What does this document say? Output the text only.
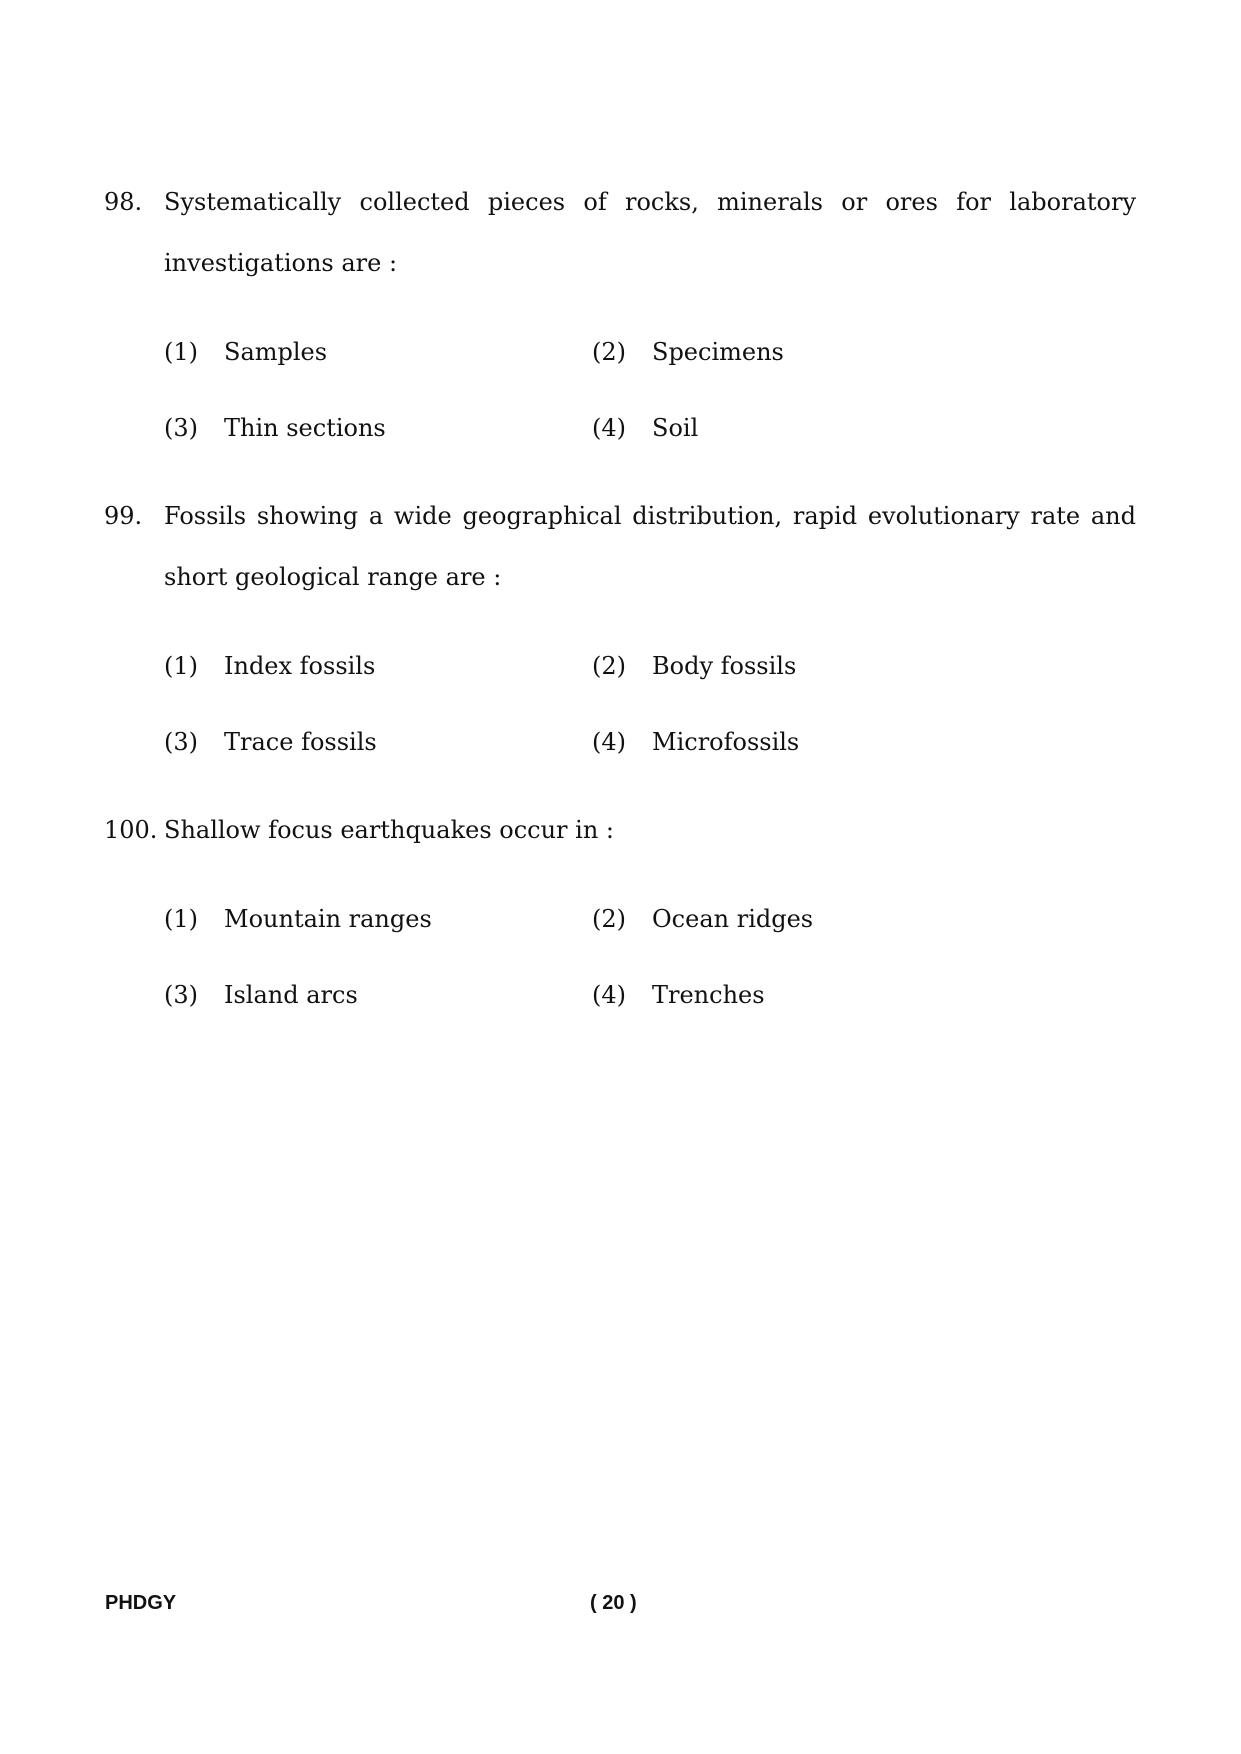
98. Systematically collected pieces of rocks, minerals or ores for laboratory investigations are :
(1)	Samples	(2)	Specimens
(3)	Thin sections	(4)	Soil
99. Fossils showing a wide geographical distribution, rapid evolutionary rate and short geological range are :
(1)	Index fossils	(2)	Body fossils
(3)	Trace fossils	(4)	Microfossils
100. Shallow focus earthquakes occur in :
(1)	Mountain ranges	(2)	Ocean ridges
(3)	Island arcs	(4)	Trenches
PHDGY	( 20 )
